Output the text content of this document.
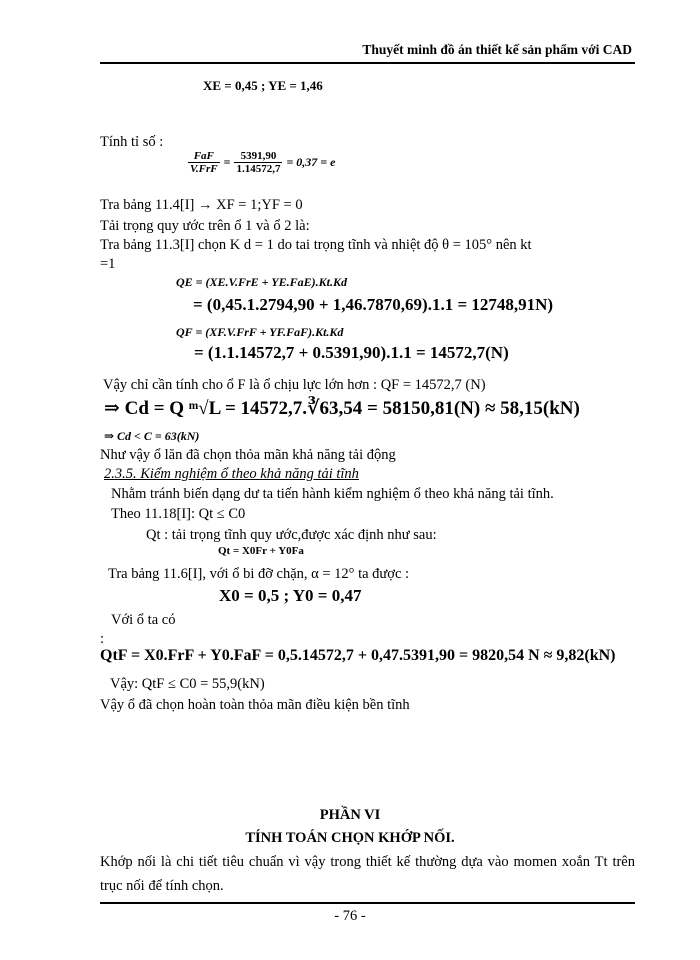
Thuyết minh đồ án thiết kế sản phẩm với CAD
XE = 0,45 ; YE = 1,46
Tính tỉ số :
$\frac{\text{FaF}}{\text{V.FrF}} = \frac{5391,90}{1.14572,7} = 0,37 = e$
Tra bảng 11.4[I] → XF = 1;YF = 0
Tải trọng quy ước trên ổ 1 và ổ 2 là:
Tra bảng 11.3[I] chọn K d = 1 do tai trọng tĩnh và nhiệt độ θ = 105° nên kt
=1
QE = (XE.V.FrE + YE.FaE).Kt.Kd
= (0,45.1.2794,90 + 1,46.7870,69).1.1 = 12748,91N)
QF = (XF.V.FrF + YF.FaF).Kt.Kd
= (1.1.14572,7 + 0.5391,90).1.1 = 14572,7(N)
Vậy chỉ cần tính cho ổ F là ổ chịu lực lớn hơn : QF = 14572,7 (N)
⇒ Cd = Q ᵐ√L = 14572,7.∛63,54 = 58150,81(N) ≈ 58,15(kN)
⇒ Cd < C = 63(kN)
Như vậy ổ lăn đã chọn thỏa mãn khả năng tải động
2.3.5. Kiểm nghiệm ổ theo khả năng tải tĩnh
Nhằm tránh biến dạng dư ta tiến hành kiểm nghiệm ổ theo khả năng tải tĩnh.
Theo 11.18[I]: Qt ≤ C0
Qt : tải trọng tĩnh quy ước,được xác định như sau:
Qt = X0Fr + Y0Fa
Tra bảng 11.6[I], với ổ bi đỡ chặn, α = 12° ta được :
X0 = 0,5 ; Y0 = 0,47
Với ổ ta có
:
QtF = X0.FrF + Y0.FaF = 0,5.14572,7 + 0,47.5391,90 = 9820,54 N ≈ 9,82(kN)
Vậy: QtF ≤ C0 = 55,9(kN)
Vậy ổ đã chọn hoàn toàn thỏa mãn điều kiện bền tĩnh
PHẦN VI
TÍNH TOÁN CHỌN KHỚP NỐI.
Khớp nối là chi tiết tiêu chuẩn vì vậy trong thiết kế thường dựa vào momen xoắn Tt trên trục nối để tính chọn.
- 76 -
